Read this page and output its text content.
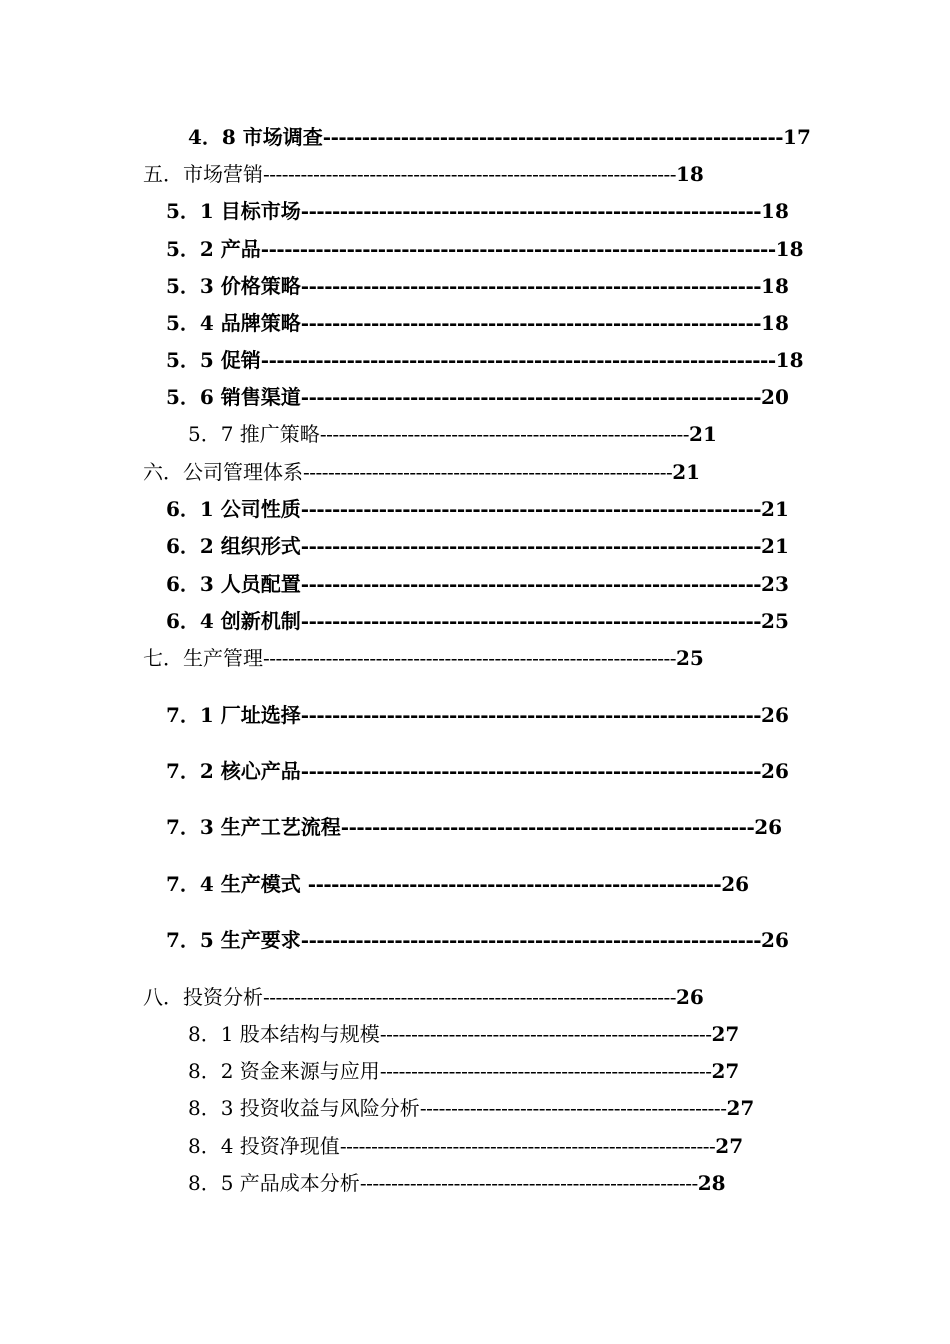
4．8 市场调查-----------------------------------------------------------17
五．市场营销------------------------------------------------------------------18
5．1 目标市场-----------------------------------------------------------18
5．2 产品------------------------------------------------------------------18
5．3 价格策略-----------------------------------------------------------18
5．4 品牌策略-----------------------------------------------------------18
5．5 促销------------------------------------------------------------------18
5．6 销售渠道-----------------------------------------------------------20
5．7 推广策略-----------------------------------------------------------21
六．公司管理体系-----------------------------------------------------------21
6．1 公司性质-----------------------------------------------------------21
6．2 组织形式-----------------------------------------------------------21
6．3 人员配置-----------------------------------------------------------23
6．4 创新机制-----------------------------------------------------------25
七．生产管理------------------------------------------------------------------25
7．1 厂址选择-----------------------------------------------------------26
7．2 核心产品-----------------------------------------------------------26
7．3 生产工艺流程-----------------------------------------------------26
7．4 生产模式 -----------------------------------------------------26
7．5 生产要求-----------------------------------------------------------26
八．投资分析------------------------------------------------------------------26
8．1 股本结构与规模-----------------------------------------------------27
8．2 资金来源与应用-----------------------------------------------------27
8．3 投资收益与风险分析-------------------------------------------------27
8．4 投资净现值------------------------------------------------------------27
8．5 产品成本分析------------------------------------------------------28
